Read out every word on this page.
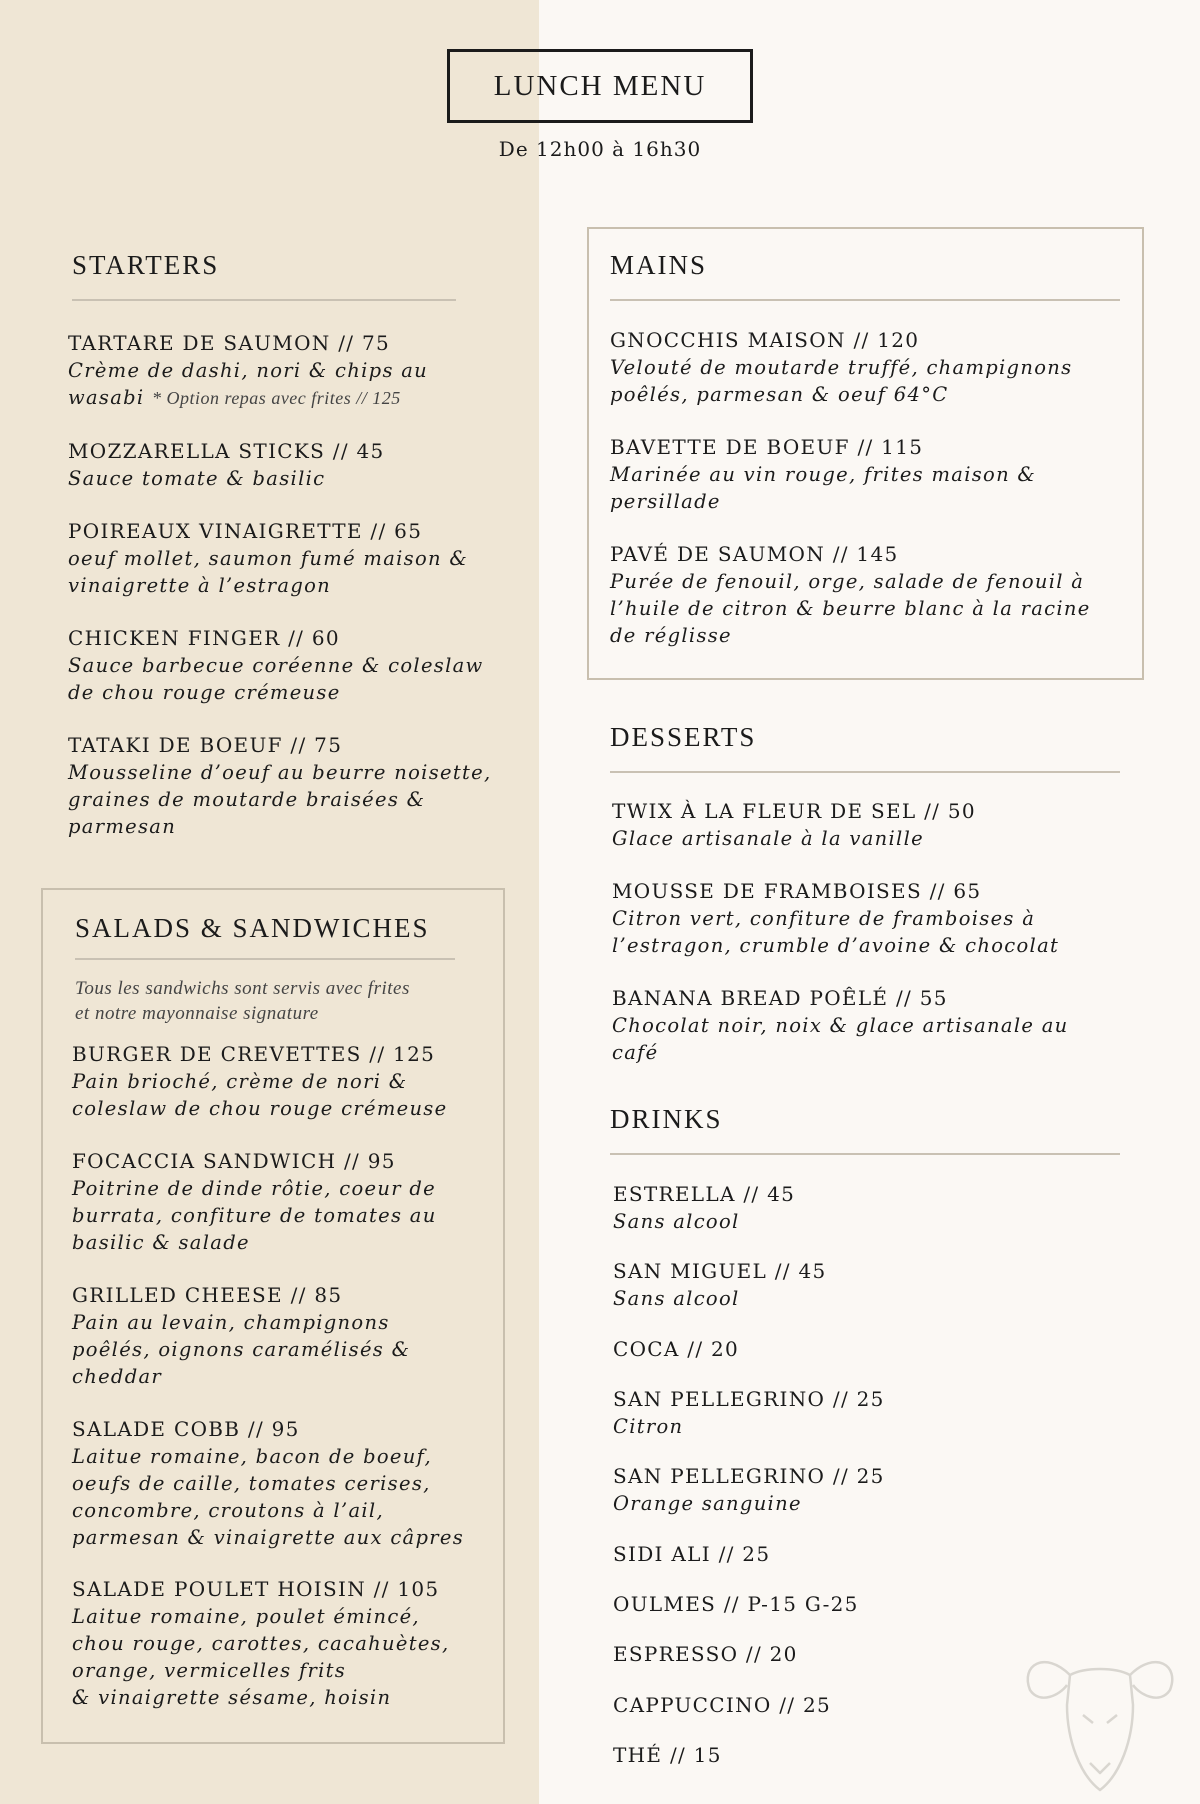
LUNCH MENU
De 12h00 à 16h30
STARTERS
TARTARE DE SAUMON // 75
Crème de dashi, nori & chips au wasabi * Option repas avec frites // 125
MOZZARELLA STICKS // 45
Sauce tomate & basilic
POIREAUX VINAIGRETTE // 65
oeuf mollet, saumon fumé maison &
vinaigrette à l’estragon
CHICKEN FINGER // 60
Sauce barbecue coréenne & coleslaw
de chou rouge crémeuse
TATAKI DE BOEUF // 75
Mousseline d’oeuf au beurre noisette,
graines de moutarde braisées &
parmesan
SALADS & SANDWICHES
Tous les sandwichs sont servis avec frites
et notre mayonnaise signature
BURGER DE CREVETTES // 125
Pain brioché, crème de nori &
coleslaw de chou rouge crémeuse
FOCACCIA SANDWICH // 95
Poitrine de dinde rôtie, coeur de
burrata, confiture de tomates au
basilic & salade
GRILLED CHEESE // 85
Pain au levain, champignons
poêlés, oignons caramélisés &
cheddar
SALADE COBB // 95
Laitue romaine, bacon de boeuf,
oeufs de caille, tomates cerises,
concombre, croutons à l’ail,
parmesan & vinaigrette aux câpres
SALADE POULET HOISIN // 105
Laitue romaine, poulet émincé,
chou rouge, carottes, cacahuètes,
orange, vermicelles frits
& vinaigrette sésame, hoisin
MAINS
GNOCCHIS MAISON // 120
Velouté de moutarde truffé, champignons
poêlés, parmesan & oeuf 64°C
BAVETTE DE BOEUF // 115
Marinée au vin rouge, frites maison &
persillade
PAVÉ DE SAUMON // 145
Purée de fenouil, orge, salade de fenouil à
l’huile de citron & beurre blanc à la racine
de réglisse
DESSERTS
TWIX À LA FLEUR DE SEL // 50
Glace artisanale à la vanille
MOUSSE DE FRAMBOISES // 65
Citron vert, confiture de framboises à
l’estragon, crumble d’avoine & chocolat
BANANA BREAD POÊLÉ // 55
Chocolat noir, noix & glace artisanale au
café
DRINKS
ESTRELLA // 45
Sans alcool
SAN MIGUEL // 45
Sans alcool
COCA // 20
SAN PELLEGRINO // 25
Citron
SAN PELLEGRINO // 25
Orange sanguine
SIDI ALI // 25
OULMES // P-15 G-25
ESPRESSO // 20
CAPPUCCINO // 25
THÉ // 15
